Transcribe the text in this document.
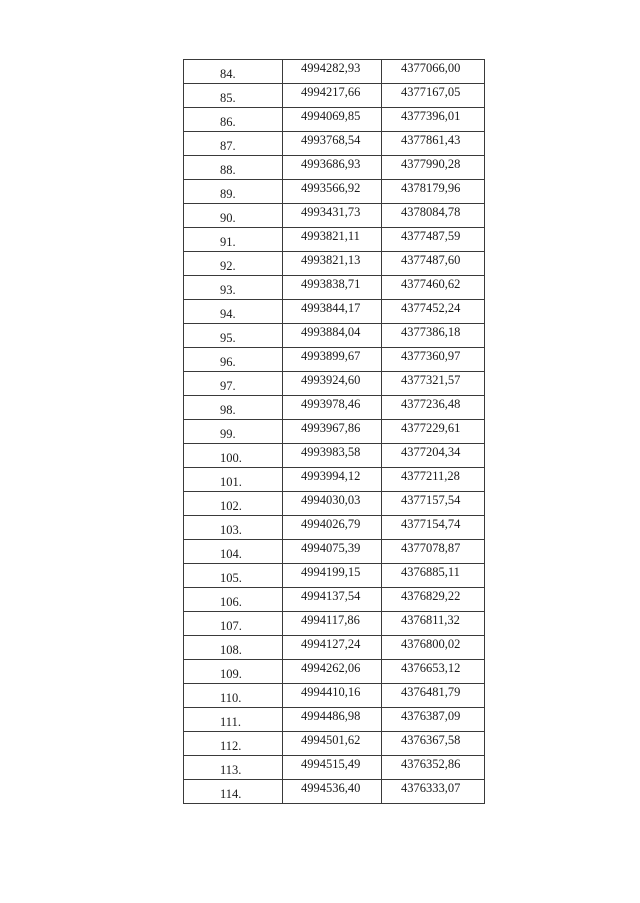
84.	4994282,93	4377066,00
85.	4994217,66	4377167,05
86.	4994069,85	4377396,01
87.	4993768,54	4377861,43
88.	4993686,93	4377990,28
89.	4993566,92	4378179,96
90.	4993431,73	4378084,78
91.	4993821,11	4377487,59
92.	4993821,13	4377487,60
93.	4993838,71	4377460,62
94.	4993844,17	4377452,24
95.	4993884,04	4377386,18
96.	4993899,67	4377360,97
97.	4993924,60	4377321,57
98.	4993978,46	4377236,48
99.	4993967,86	4377229,61
100.	4993983,58	4377204,34
101.	4993994,12	4377211,28
102.	4994030,03	4377157,54
103.	4994026,79	4377154,74
104.	4994075,39	4377078,87
105.	4994199,15	4376885,11
106.	4994137,54	4376829,22
107.	4994117,86	4376811,32
108.	4994127,24	4376800,02
109.	4994262,06	4376653,12
110.	4994410,16	4376481,79
111.	4994486,98	4376387,09
112.	4994501,62	4376367,58
113.	4994515,49	4376352,86
114.	4994536,40	4376333,07
